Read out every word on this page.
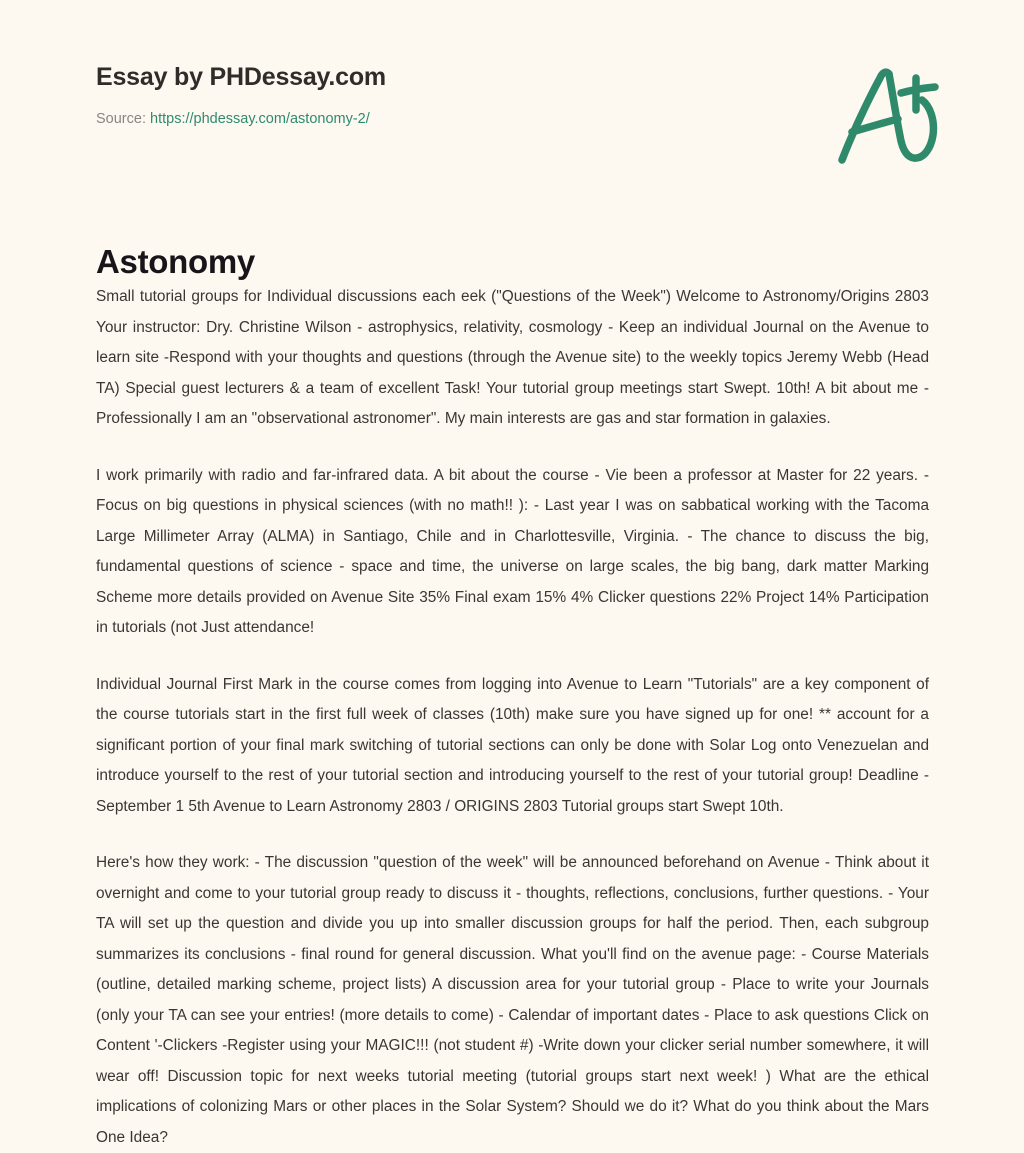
Essay by PHDessay.com
Source: https://phdessay.com/astonomy-2/
Astonomy

Small tutorial groups for Individual discussions each eek ("Questions of the Week") Welcome to Astronomy/Origins 2803 Your instructor: Dry. Christine Wilson - astrophysics, relativity, cosmology - Keep an individual Journal on the Avenue to learn site -Respond with your thoughts and questions (through the Avenue site) to the weekly topics Jeremy Webb (Head TA) Special guest lecturers & a team of excellent Task! Your tutorial group meetings start Swept. 10th! A bit about me - Professionally I am an "observational astronomer". My main interests are gas and star formation in galaxies.

I work primarily with radio and far-infrared data. A bit about the course - Vie been a professor at Master for 22 years. - Focus on big questions in physical sciences (with no math!! ): - Last year I was on sabbatical working with the Tacoma Large Millimeter Array (ALMA) in Santiago, Chile and in Charlottesville, Virginia. - The chance to discuss the big, fundamental questions of science - space and time, the universe on large scales, the big bang, dark matter Marking Scheme more details provided on Avenue Site 35% Final exam 15% 4% Clicker questions 22% Project 14% Participation in tutorials (not Just attendance!

Individual Journal First Mark in the course comes from logging into Avenue to Learn "Tutorials" are a key component of the course tutorials start in the first full week of classes (10th) make sure you have signed up for one! ** account for a significant portion of your final mark switching of tutorial sections can only be done with Solar Log onto Venezuelan and introduce yourself to the rest of your tutorial section and introducing yourself to the rest of your tutorial group! Deadline - September 1 5th Avenue to Learn Astronomy 2803 / ORIGINS 2803 Tutorial groups start Swept 10th.

Here's how they work: - The discussion "question of the week" will be announced beforehand on Avenue - Think about it overnight and come to your tutorial group ready to discuss it - thoughts, reflections, conclusions, further questions. - Your TA will set up the question and divide you up into smaller discussion groups for half the period. Then, each subgroup summarizes its conclusions - final round for general discussion. What you'll find on the avenue page: - Course Materials (outline, detailed marking scheme, project lists) A discussion area for your tutorial group - Place to write your Journals (only your TA can see your entries! (more details to come) - Calendar of important dates - Place to ask questions Click on Content '-Clickers -Register using your MAGIC!!! (not student #) -Write down your clicker serial number somewhere, it will wear off! Discussion topic for next weeks tutorial meeting (tutorial groups start next week! ) What are the ethical implications of colonizing Mars or other places in the Solar System? Should we do it? What do you think about the Mars One Idea?
